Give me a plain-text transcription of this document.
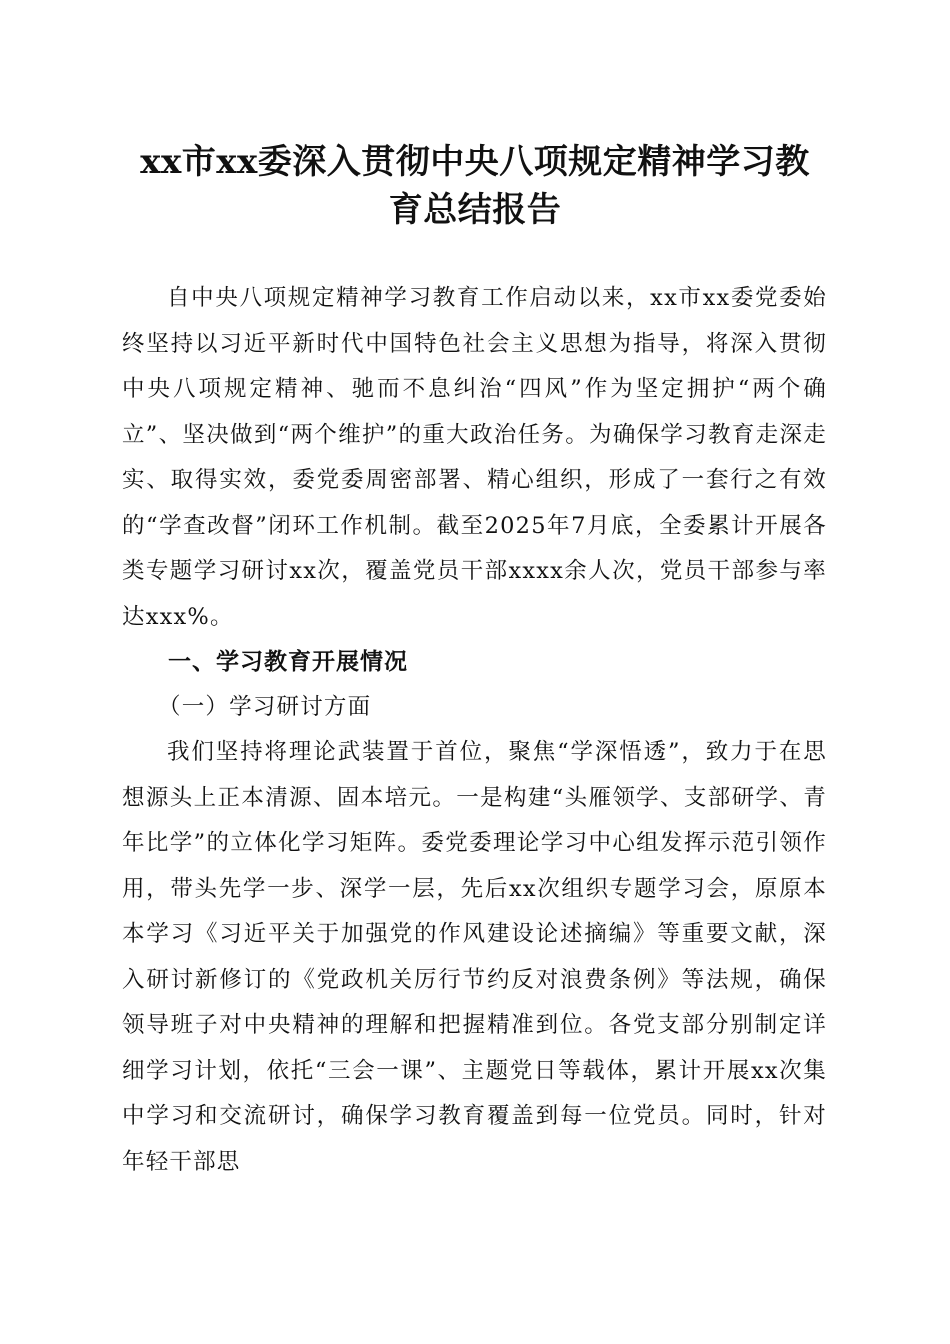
xx市xx委深入贯彻中央八项规定精神学习教
育总结报告

自中央八项规定精神学习教育工作启动以来，xx市xx委党委始终坚持以习近平新时代中国特色社会主义思想为指导，将深入贯彻中央八项规定精神、驰而不息纠治“四风”作为坚定拥护“两个确立”、坚决做到“两个维护”的重大政治任务。为确保学习教育走深走实、取得实效，委党委周密部署、精心组织，形成了一套行之有效的“学查改督”闭环工作机制。截至2025年7月底，全委累计开展各类专题学习研讨xx次，覆盖党员干部xxxx余人次，党员干部参与率达xxx%。

一、学习教育开展情况

（一）学习研讨方面

我们坚持将理论武装置于首位，聚焦“学深悟透”，致力于在思想源头上正本清源、固本培元。一是构建“头雁领学、支部研学、青年比学”的立体化学习矩阵。委党委理论学习中心组发挥示范引领作用，带头先学一步、深学一层，先后xx次组织专题学习会，原原本本学习《习近平关于加强党的作风建设论述摘编》等重要文献，深入研讨新修订的《党政机关厉行节约反对浪费条例》等法规，确保领导班子对中央精神的理解和把握精准到位。各党支部分别制定详细学习计划，依托“三会一课”、主题党日等载体，累计开展xx次集中学习和交流研讨，确保学习教育覆盖到每一位党员。同时，针对年轻干部思
